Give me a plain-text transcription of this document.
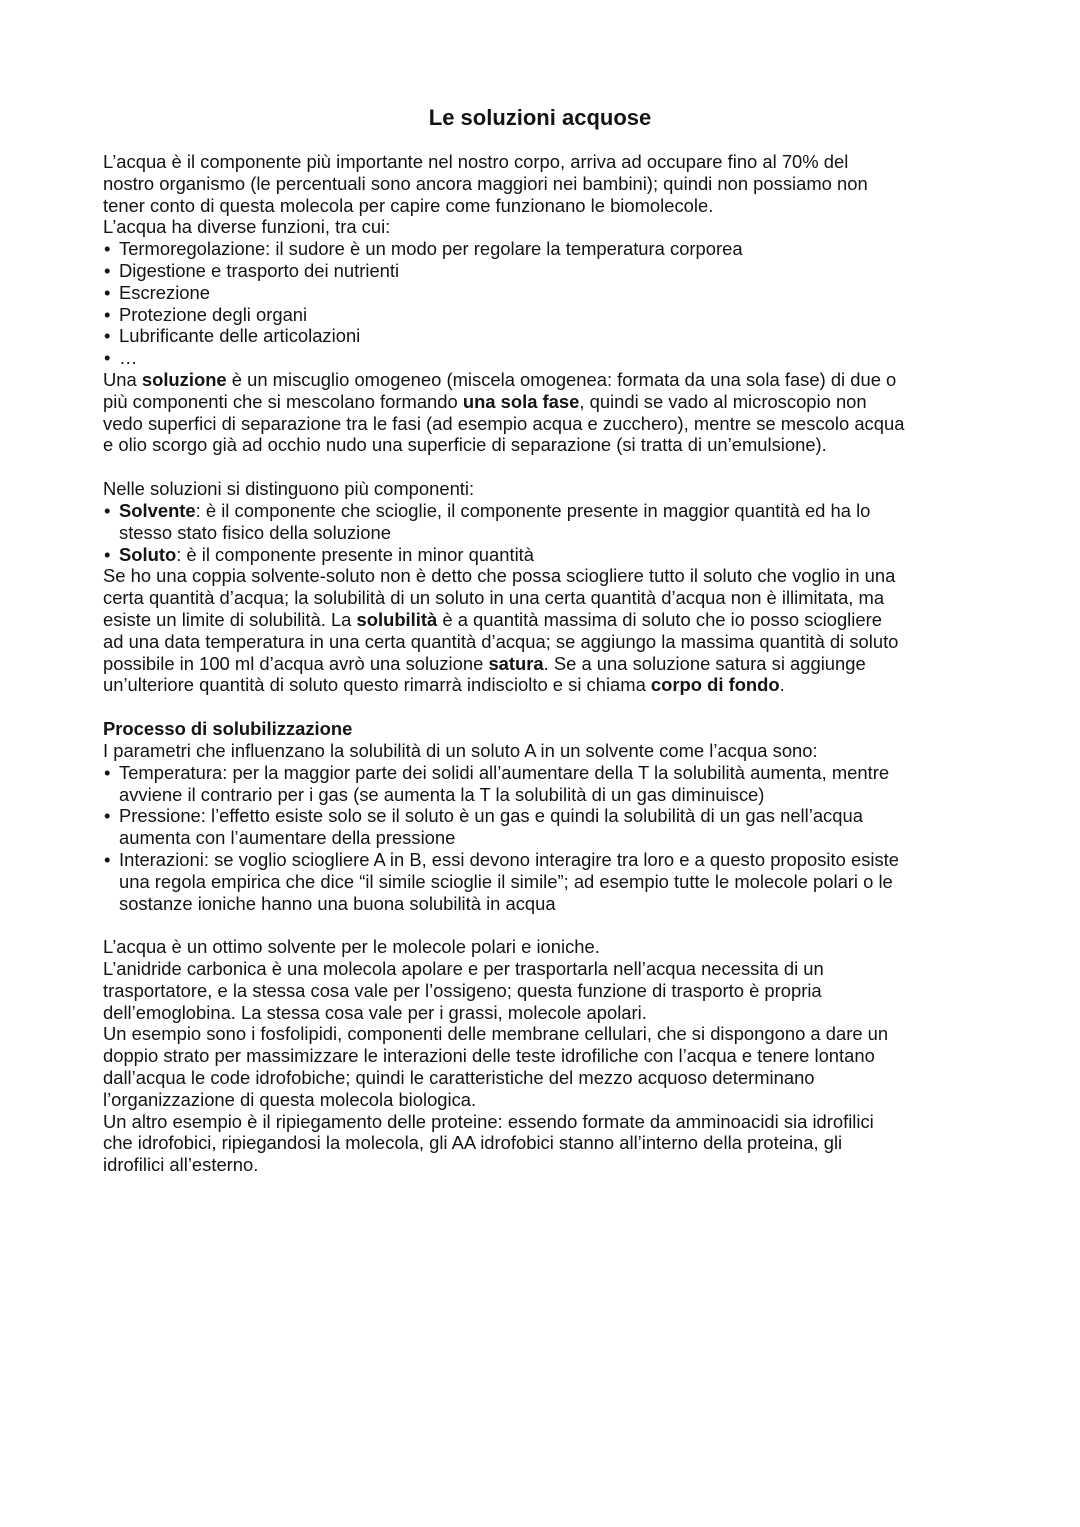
Le soluzioni acquose
L’acqua è il componente più importante nel nostro corpo, arriva ad occupare fino al 70% del
nostro organismo (le percentuali sono ancora maggiori nei bambini); quindi non possiamo non
tener conto di questa molecola per capire come funzionano le biomolecole.
L’acqua ha diverse funzioni, tra cui:
• Termoregolazione: il sudore è un modo per regolare la temperatura corporea
• Digestione e trasporto dei nutrienti
• Escrezione
• Protezione degli organi
• Lubrificante delle articolazioni
• …
Una soluzione è un miscuglio omogeneo (miscela omogenea: formata da una sola fase) di due o
più componenti che si mescolano formando una sola fase, quindi se vado al microscopio non
vedo superfici di separazione tra le fasi (ad esempio acqua e zucchero), mentre se mescolo acqua
e olio scorgo già ad occhio nudo una superficie di separazione (si tratta di un’emulsione).
Nelle soluzioni si distinguono più componenti:
• Solvente: è il componente che scioglie, il componente presente in maggior quantità ed ha lo
stesso stato fisico della soluzione
• Soluto: è il componente presente in minor quantità
Se ho una coppia solvente-soluto non è detto che possa sciogliere tutto il soluto che voglio in una
certa quantità d’acqua; la solubilità di un soluto in una certa quantità d’acqua non è illimitata, ma
esiste un limite di solubilità. La solubilità è a quantità massima di soluto che io posso sciogliere
ad una data temperatura in una certa quantità d’acqua; se aggiungo la massima quantità di soluto
possibile in 100 ml d’acqua avrò una soluzione satura. Se a una soluzione satura si aggiunge
un’ulteriore quantità di soluto questo rimarrà indisciolto e si chiama corpo di fondo.
Processo di solubilizzazione
I parametri che influenzano la solubilità di un soluto A in un solvente come l’acqua sono:
• Temperatura: per la maggior parte dei solidi all’aumentare della T la solubilità aumenta, mentre
avviene il contrario per i gas (se aumenta la T la solubilità di un gas diminuisce)
• Pressione: l’effetto esiste solo se il soluto è un gas e quindi la solubilità di un gas nell’acqua
aumenta con l’aumentare della pressione
• Interazioni: se voglio sciogliere A in B, essi devono interagire tra loro e a questo proposito esiste
una regola empirica che dice “il simile scioglie il simile”; ad esempio tutte le molecole polari o le
sostanze ioniche hanno una buona solubilità in acqua
L’acqua è un ottimo solvente per le molecole polari e ioniche.
L’anidride carbonica è una molecola apolare e per trasportarla nell’acqua necessita di un
trasportatore, e la stessa cosa vale per l’ossigeno; questa funzione di trasporto è propria
dell’emoglobina. La stessa cosa vale per i grassi, molecole apolari.
Un esempio sono i fosfolipidi, componenti delle membrane cellulari, che si dispongono a dare un
doppio strato per massimizzare le interazioni delle teste idrofiliche con l’acqua e tenere lontano
dall’acqua le code idrofobiche; quindi le caratteristiche del mezzo acquoso determinano
l’organizzazione di questa molecola biologica.
Un altro esempio è il ripiegamento delle proteine: essendo formate da amminoacidi sia idrofilici
che idrofobici, ripiegandosi la molecola, gli AA idrofobici stanno all’interno della proteina, gli
idrofilici all’esterno.
